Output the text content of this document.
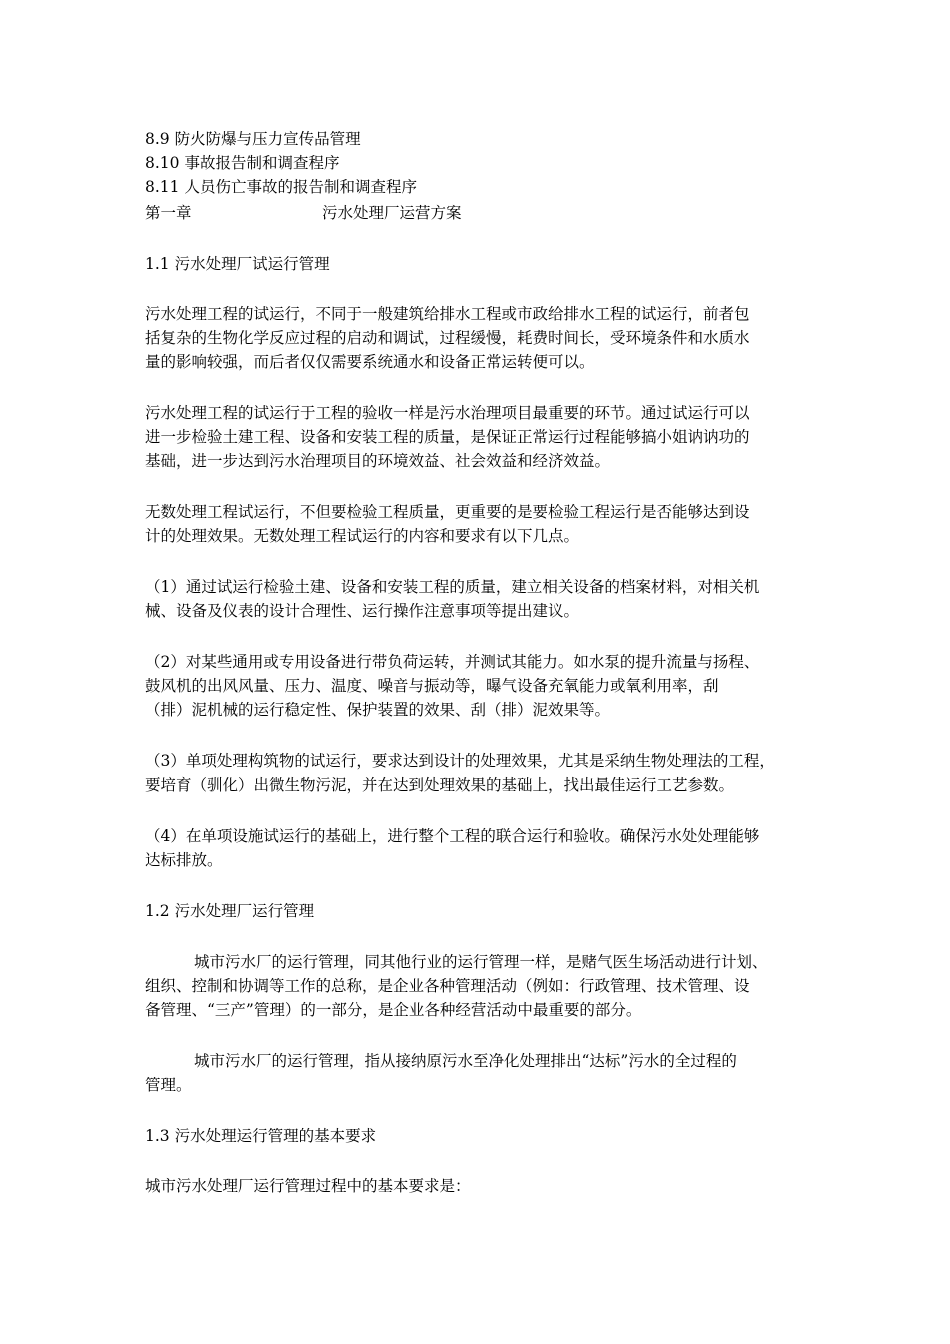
8.9 防火防爆与压力宣传品管理
8.10 事故报告制和调查程序
8.11 人员伤亡事故的报告制和调查程序
第一章	污水处理厂运营方案
1.1 污水处理厂试运行管理
污水处理工程的试运行，不同于一般建筑给排水工程或市政给排水工程的试运行，前者包
括复杂的生物化学反应过程的启动和调试，过程缓慢，耗费时间长，受环境条件和水质水
量的影响较强，而后者仅仅需要系统通水和设备正常运转便可以。
污水处理工程的试运行于工程的验收一样是污水治理项目最重要的环节。通过试运行可以
进一步检验土建工程、设备和安装工程的质量，是保证正常运行过程能够搞小姐讷讷功的
基础，进一步达到污水治理项目的环境效益、社会效益和经济效益。
无数处理工程试运行，不但要检验工程质量，更重要的是要检验工程运行是否能够达到设
计的处理效果。无数处理工程试运行的内容和要求有以下几点。
（1）通过试运行检验土建、设备和安装工程的质量，建立相关设备的档案材料，对相关机
械、设备及仪表的设计合理性、运行操作注意事项等提出建议。
（2）对某些通用或专用设备进行带负荷运转，并测试其能力。如水泵的提升流量与扬程、
鼓风机的出风风量、压力、温度、噪音与振动等，曝气设备充氧能力或氧利用率，刮
（排）泥机械的运行稳定性、保护装置的效果、刮（排）泥效果等。
（3）单项处理构筑物的试运行，要求达到设计的处理效果，尤其是采纳生物处理法的工程，
要培育（驯化）出微生物污泥，并在达到处理效果的基础上，找出最佳运行工艺参数。
（4）在单项设施试运行的基础上，进行整个工程的联合运行和验收。确保污水处处理能够
达标排放。
1.2 污水处理厂运行管理
城市污水厂的运行管理，同其他行业的运行管理一样，是赌气医生场活动进行计划、
组织、控制和协调等工作的总称，是企业各种管理活动（例如：行政管理、技术管理、设
备管理、“三产”管理）的一部分，是企业各种经营活动中最重要的部分。
城市污水厂的运行管理，指从接纳原污水至净化处理排出“达标”污水的全过程的
管理。
1.3 污水处理运行管理的基本要求
城市污水处理厂运行管理过程中的基本要求是：
